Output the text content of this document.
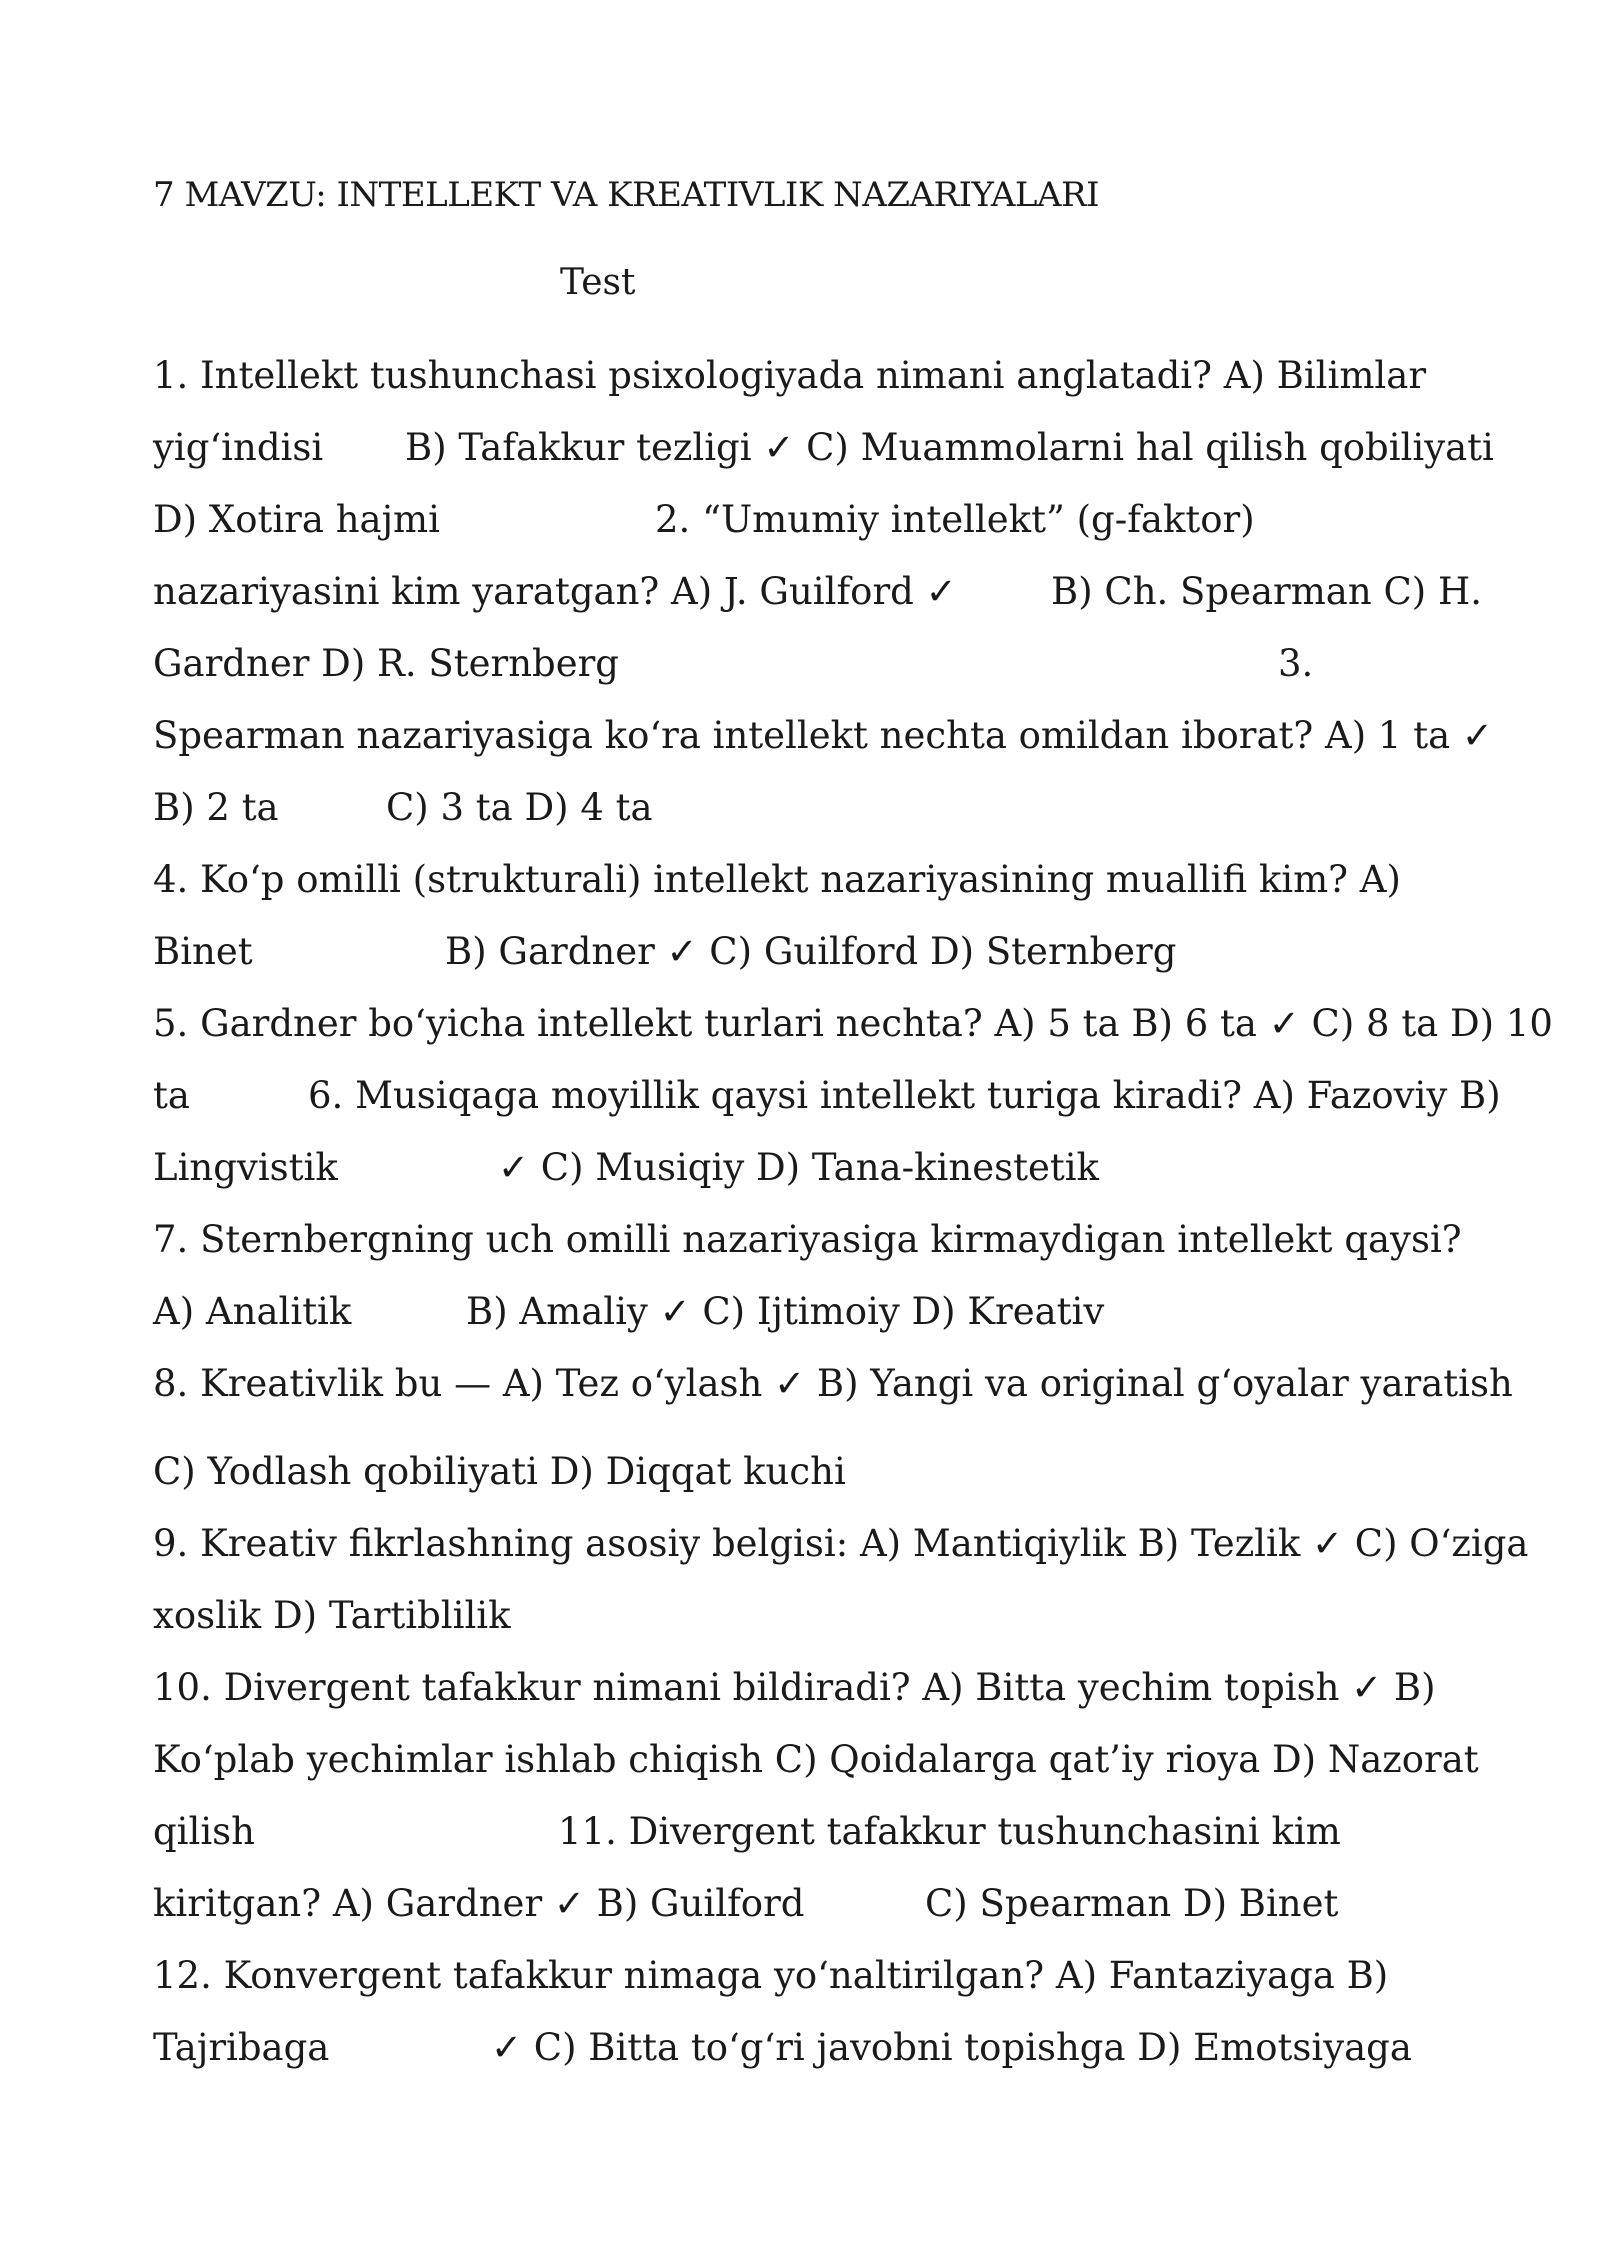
7 MAVZU: INTELLEKT VA KREATIVLIK NAZARIYALARI
Test
1. Intellekt tushunchasi psixologiyada nimani anglatadi? A) Bilimlar
yig‘indisi B) Tafakkur tezligi ✓ C) Muammolarni hal qilish qobiliyati
D) Xotira hajmi	2. “Umumiy intellekt” (g-faktor)
nazariyasini kim yaratgan? A) J. Guilford ✓	B) Ch. Spearman C) H.
Gardner D) R. Sternberg	3.
Spearman nazariyasiga ko‘ra intellekt nechta omildan iborat? A) 1 ta ✓
B) 2 ta	C) 3 ta D) 4 ta
4. Ko‘p omilli (strukturali) intellekt nazariyasining muallifi kim? A)
Binet	B) Gardner ✓ C) Guilford D) Sternberg
5. Gardner bo‘yicha intellekt turlari nechta? A) 5 ta B) 6 ta ✓ C) 8 ta D) 10
ta	6. Musiqaga moyillik qaysi intellekt turiga kiradi? A) Fazoviy B)
Lingvistik	✓ C) Musiqiy D) Tana-kinestetik
7. Sternbergning uch omilli nazariyasiga kirmaydigan intellekt qaysi?
A) Analitik	B) Amaliy ✓ C) Ijtimoiy D) Kreativ
8. Kreativlik bu — A) Tez o‘ylash ✓ B) Yangi va original g‘oyalar yaratish
C) Yodlash qobiliyati D) Diqqat kuchi
9. Kreativ fikrlashning asosiy belgisi: A) Mantiqiylik B) Tezlik ✓ C) O‘ziga
xoslik D) Tartiblilik
10. Divergent tafakkur nimani bildiradi? A) Bitta yechim topish ✓ B)
Ko‘plab yechimlar ishlab chiqish C) Qoidalarga qat’iy rioya D) Nazorat
qilish	11. Divergent tafakkur tushunchasini kim
kiritgan? A) Gardner ✓ B) Guilford	C) Spearman D) Binet
12. Konvergent tafakkur nimaga yo‘naltirilgan? A) Fantaziyaga B)
Tajribaga	✓ C) Bitta to‘g‘ri javobni topishga D) Emotsiyaga
